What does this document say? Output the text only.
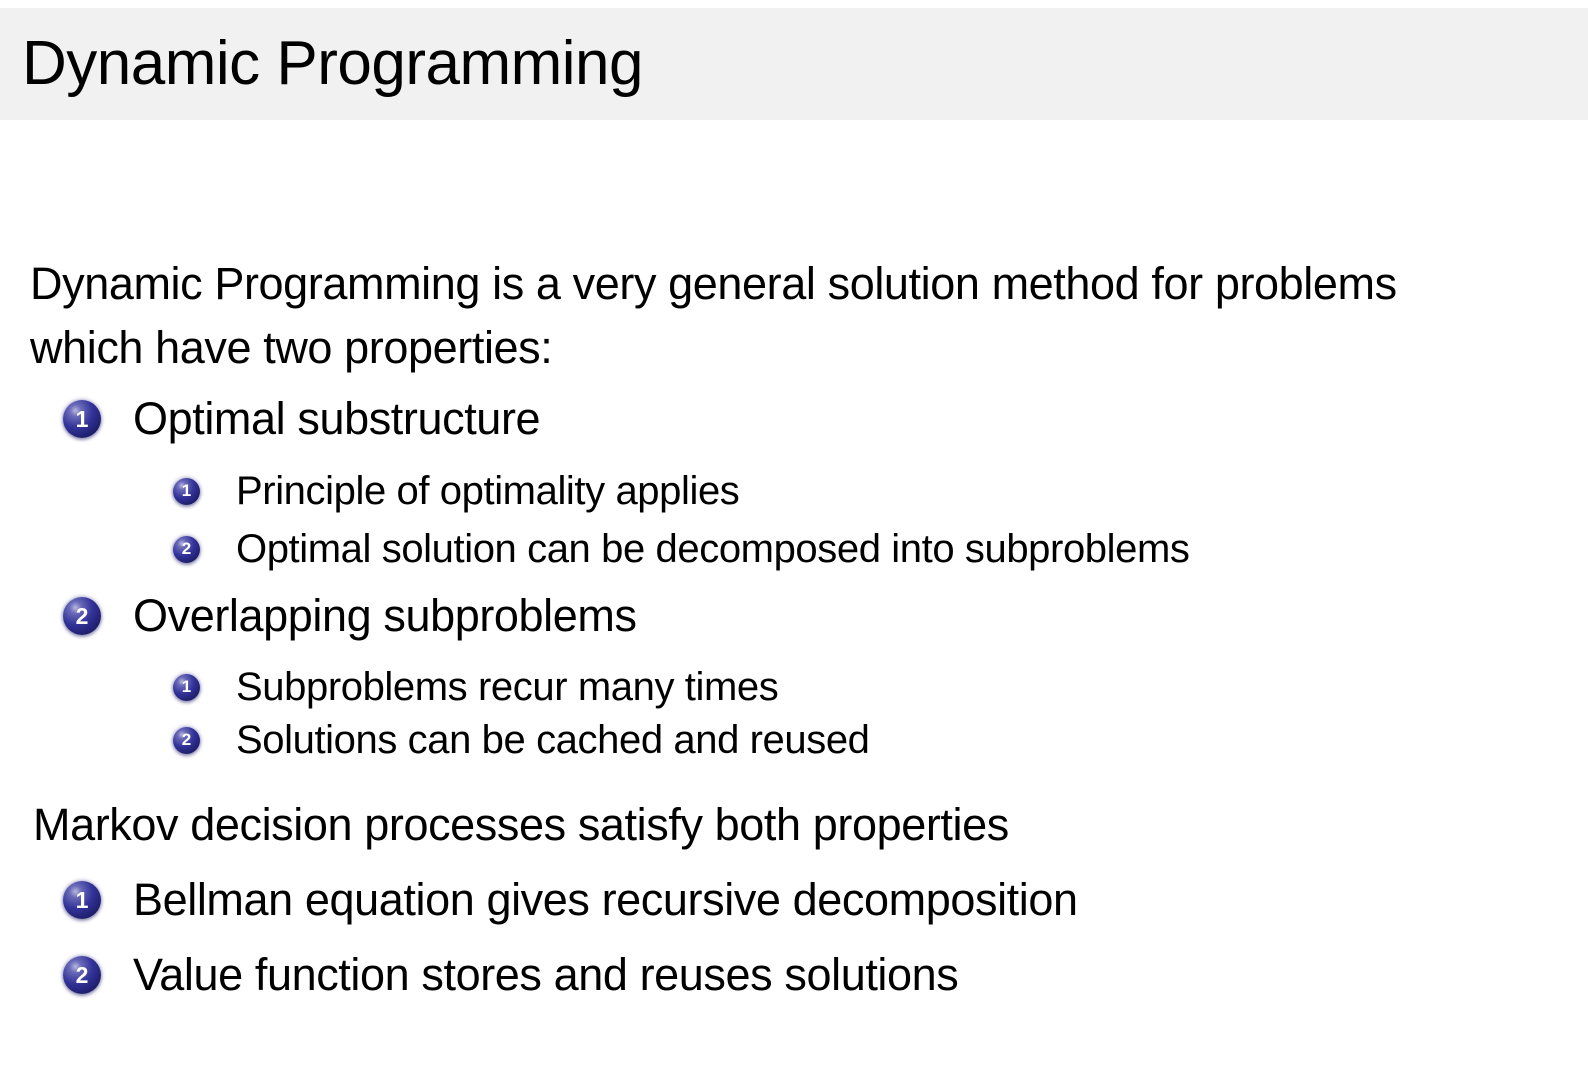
Dynamic Programming
Dynamic Programming is a very general solution method for problems
which have two properties:
1 Optimal substructure
1 Principle of optimality applies
2 Optimal solution can be decomposed into subproblems
2 Overlapping subproblems
1 Subproblems recur many times
2 Solutions can be cached and reused
Markov decision processes satisfy both properties
1 Bellman equation gives recursive decomposition
2 Value function stores and reuses solutions
